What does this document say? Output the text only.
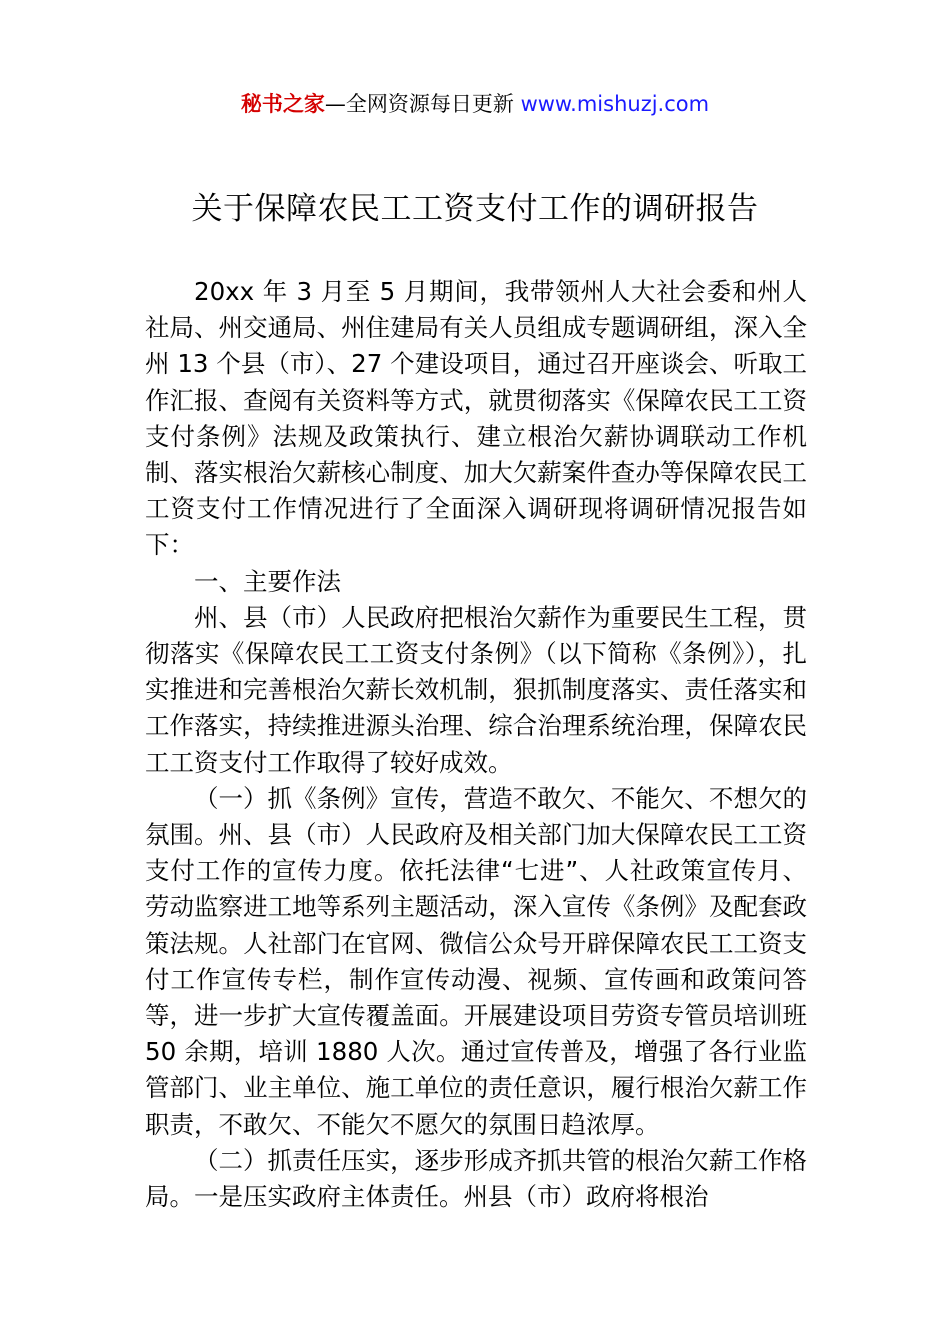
秘书之家—全网资源每日更新 www.mishuzj.com
关于保障农民工工资支付工作的调研报告

20xx 年 3 月至 5 月期间，我带领州人大社会委和州人社局、州交通局、州住建局有关人员组成专题调研组，深入全州 13 个县（市）、27 个建设项目，通过召开座谈会、听取工作汇报、查阅有关资料等方式，就贯彻落实《保障农民工工资支付条例》法规及政策执行、建立根治欠薪协调联动工作机制、落实根治欠薪核心制度、加大欠薪案件查办等保障农民工工资支付工作情况进行了全面深入调研现将调研情况报告如下：

一、主要作法

州、县（市）人民政府把根治欠薪作为重要民生工程，贯彻落实《保障农民工工资支付条例》（以下简称《条例》），扎实推进和完善根治欠薪长效机制，狠抓制度落实、责任落实和工作落实，持续推进源头治理、综合治理系统治理，保障农民工工资支付工作取得了较好成效。

（一）抓《条例》宣传，营造不敢欠、不能欠、不想欠的氛围。州、县（市）人民政府及相关部门加大保障农民工工资支付工作的宣传力度。依托法律“七进”、人社政策宣传月、劳动监察进工地等系列主题活动，深入宣传《条例》及配套政策法规。人社部门在官网、微信公众号开辟保障农民工工资支付工作宣传专栏，制作宣传动漫、视频、宣传画和政策问答等，进一步扩大宣传覆盖面。开展建设项目劳资专管员培训班 50 余期，培训 1880 人次。通过宣传普及，增强了各行业监管部门、业主单位、施工单位的责任意识，履行根治欠薪工作职责，不敢欠、不能欠不愿欠的氛围日趋浓厚。

（二）抓责任压实，逐步形成齐抓共管的根治欠薪工作格局。一是压实政府主体责任。州县（市）政府将根治
